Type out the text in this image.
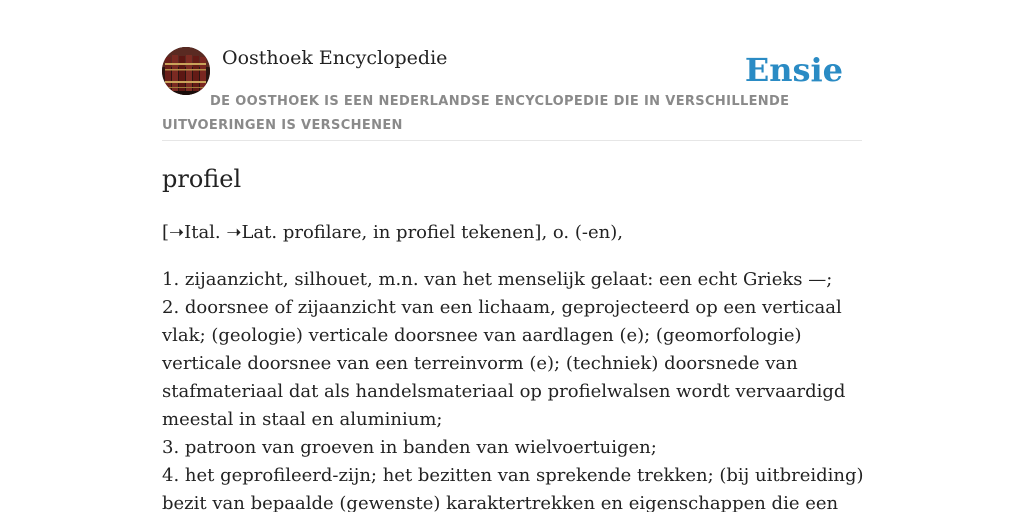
Oosthoek Encyclopedie	Ensie
DE OOSTHOEK IS EEN NEDERLANDSE ENCYCLOPEDIE DIE IN VERSCHILLENDE UITVOERINGEN IS VERSCHENEN
profiel

[➝Ital. ➝Lat. profilare, in profiel tekenen], o. (-en),

1. zijaanzicht, silhouet, m.n. van het menselijk gelaat: een echt Grieks —;
2. doorsnee of zijaanzicht van een lichaam, geprojecteerd op een verticaal vlak; (geologie) verticale doorsnee van aardlagen (e); (geomorfologie) verticale doorsnee van een terreinvorm (e); (techniek) doorsnede van stafmateriaal dat als handelsmateriaal op profielwalsen wordt vervaardigd meestal in staal en aluminium;
3. patroon van groeven in banden van wielvoertuigen;
4. het geprofileerd-zijn; het bezitten van sprekende trekken; (bij uitbreiding) bezit van bepaalde (gewenste) karaktertrekken en eigenschappen die een
